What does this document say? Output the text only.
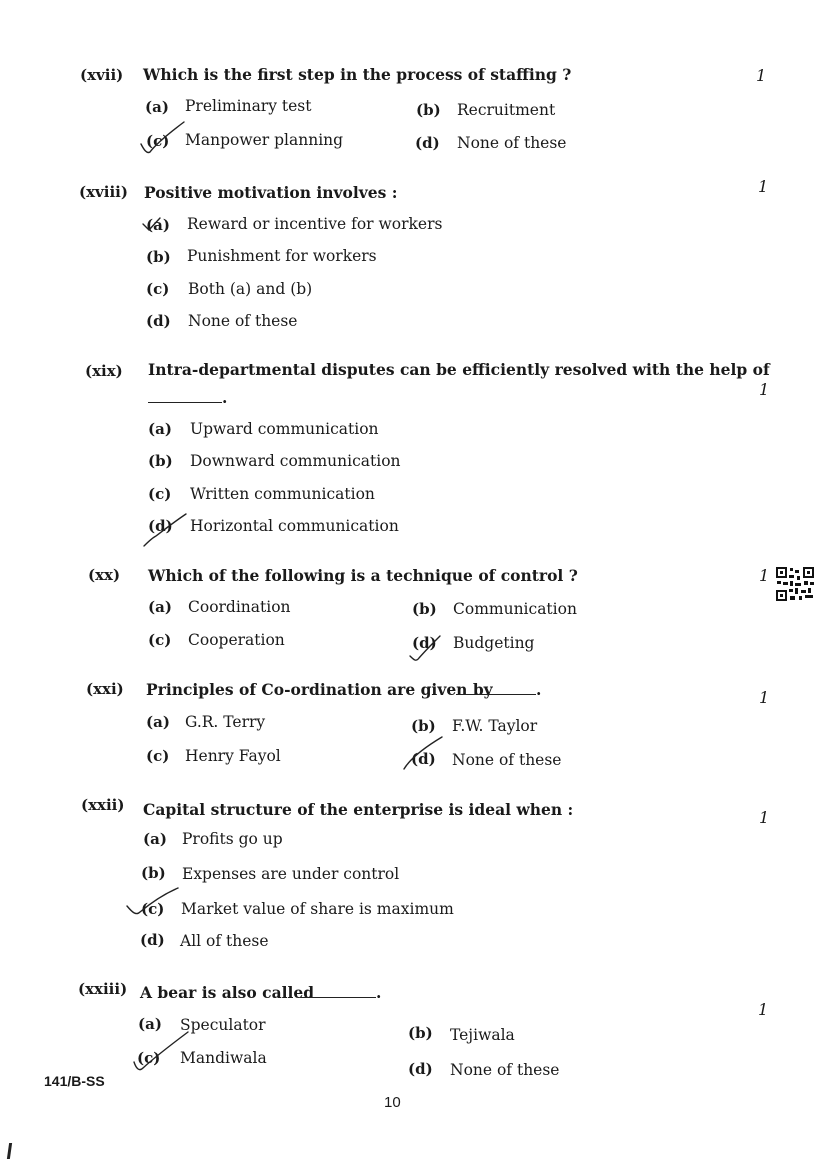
(xvii) Which is the first step in the process of staffing ?	1
(a) Preliminary test	(b) Recruitment
(c) Manpower planning	(d) None of these
(xviii) Positive motivation involves :	1
(a) Reward or incentive for workers
(b) Punishment for workers
(c) Both (a) and (b)
(d) None of these
(xix) Intra-departmental disputes can be efficiently resolved with the help of
1
.
(a) Upward communication
(b) Downward communication
(c) Written communication
(d) Horizontal communication
(xx) Which of the following is a technique of control ?	1
(a) Coordination	(b) Communication
(c) Cooperation	(d) Budgeting
(xxi) Principles of Co-ordination are given by	.	1
(a) G.R. Terry	(b) F.W. Taylor
(c) Henry Fayol	(d) None of these
(xxii) Capital structure of the enterprise is ideal when :	1
(a) Profits go up
(b) Expenses are under control
(c) Market value of share is maximum
(d) All of these
(xxiii) A bear is also called	.
1
(a) Speculator	(b) Tejiwala
(c) Mandiwala
(d) None of these
141/B-SS
10
